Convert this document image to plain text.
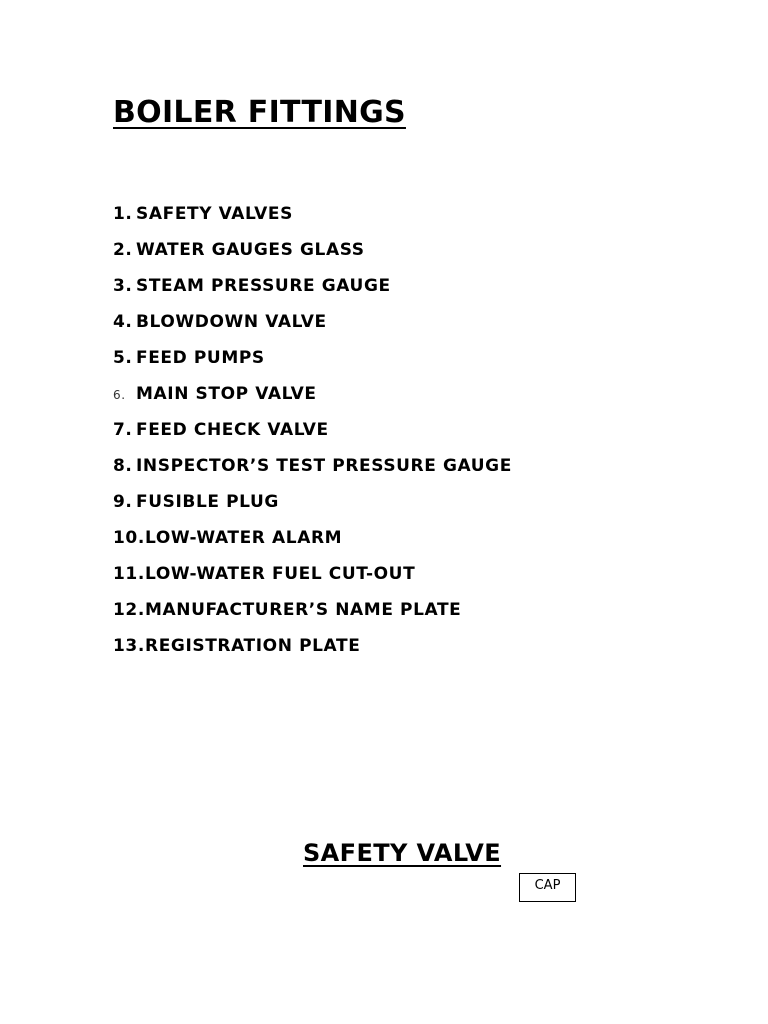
BOILER FITTINGS
1. SAFETY VALVES
2. WATER GAUGES GLASS
3. STEAM PRESSURE GAUGE
4. BLOWDOWN VALVE
5. FEED PUMPS
6. MAIN STOP VALVE
7. FEED CHECK VALVE
8. INSPECTOR’S TEST PRESSURE GAUGE
9. FUSIBLE PLUG
10.LOW-WATER ALARM
11.LOW-WATER FUEL CUT-OUT
12.MANUFACTURER’S NAME PLATE
13.REGISTRATION PLATE
SAFETY VALVE
CAP
